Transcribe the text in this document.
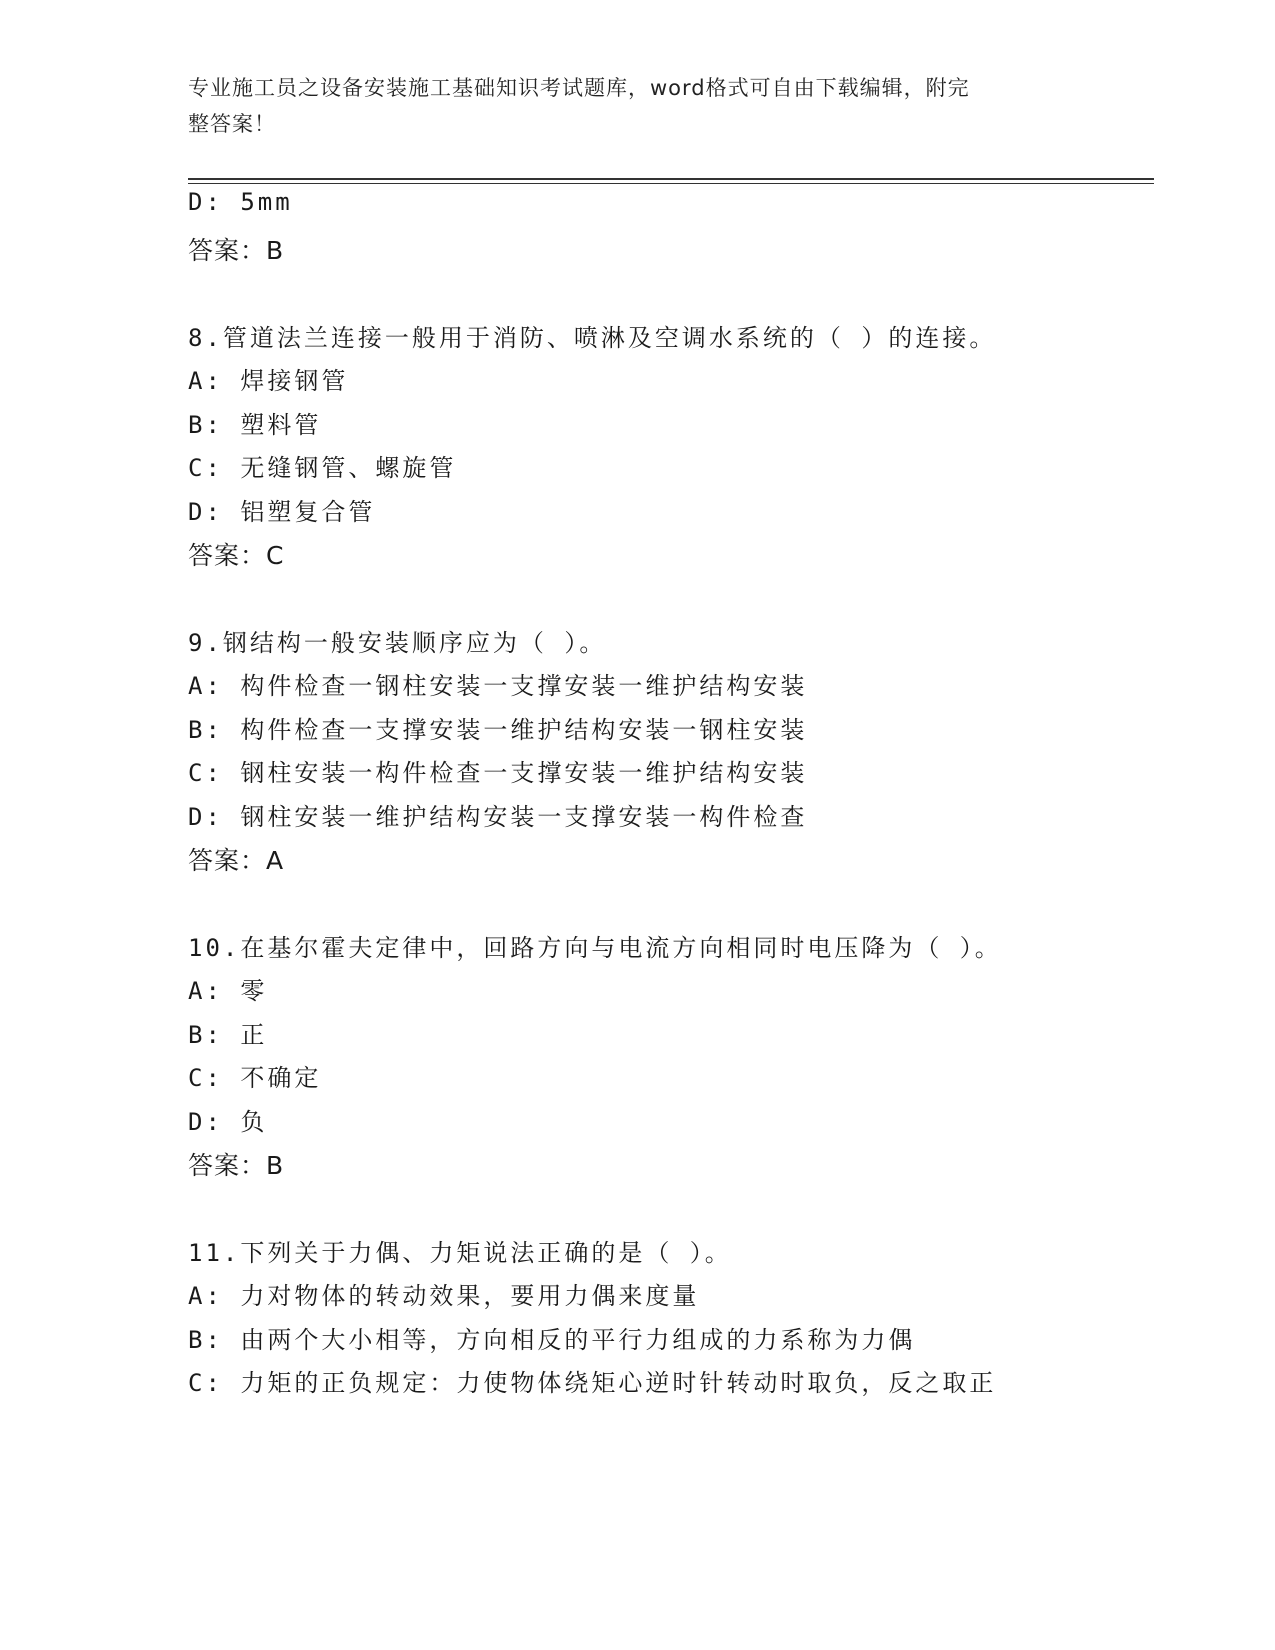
专业施工员之设备安装施工基础知识考试题库，word格式可自由下载编辑，附完
整答案！
D: 5mm
答案：B
8.管道法兰连接一般用于消防、喷淋及空调水系统的（ ）的连接。
A: 焊接钢管
B: 塑料管
C: 无缝钢管、螺旋管
D: 铝塑复合管
答案：C
9.钢结构一般安装顺序应为（ ）。
A: 构件检查一钢柱安装一支撑安装一维护结构安装
B: 构件检查一支撑安装一维护结构安装一钢柱安装
C: 钢柱安装一构件检查一支撑安装一维护结构安装
D: 钢柱安装一维护结构安装一支撑安装一构件检查
答案：A
10.在基尔霍夫定律中，回路方向与电流方向相同时电压降为（ ）。
A: 零
B: 正
C: 不确定
D: 负
答案：B
11.下列关于力偶、力矩说法正确的是（ ）。
A: 力对物体的转动效果，要用力偶来度量
B: 由两个大小相等，方向相反的平行力组成的力系称为力偶
C: 力矩的正负规定：力使物体绕矩心逆时针转动时取负，反之取正
